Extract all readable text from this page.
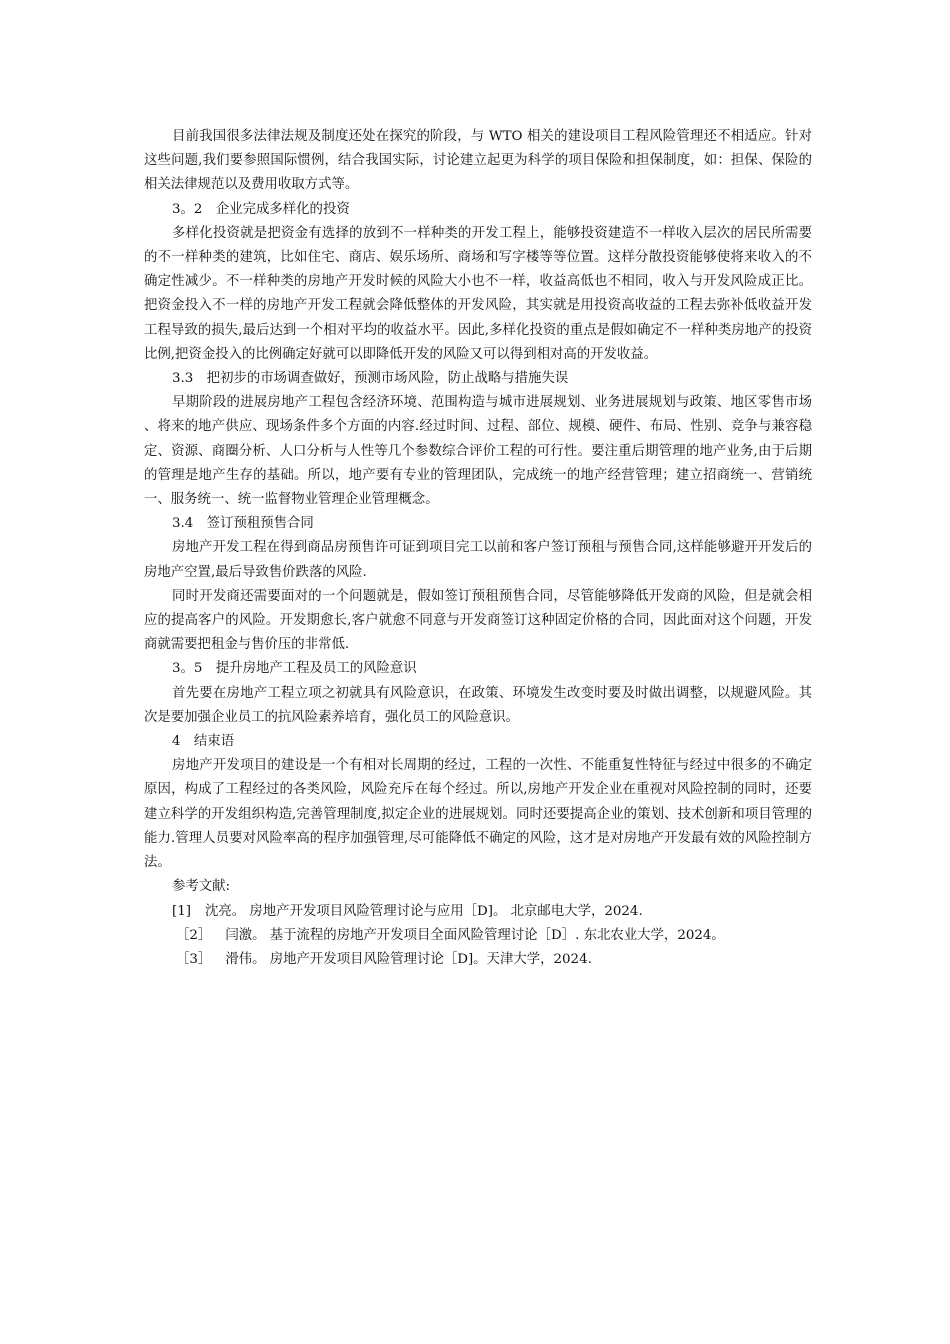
目前我国很多法律法规及制度还处在探究的阶段，与 WTO 相关的建设项目工程风险管理还不相适应。针对这些问题,我们要参照国际惯例，结合我国实际，讨论建立起更为科学的项目保险和担保制度，如：担保、保险的相关法律规范以及费用收取方式等。

3。2　企业完成多样化的投资

多样化投资就是把资金有选择的放到不一样种类的开发工程上，能够投资建造不一样收入层次的居民所需要的不一样种类的建筑，比如住宅、商店、娱乐场所、商场和写字楼等等位置。这样分散投资能够使将来收入的不确定性减少。不一样种类的房地产开发时候的风险大小也不一样，收益高低也不相同，收入与开发风险成正比。把资金投入不一样的房地产开发工程就会降低整体的开发风险，其实就是用投资高收益的工程去弥补低收益开发工程导致的损失,最后达到一个相对平均的收益水平。因此,多样化投资的重点是假如确定不一样种类房地产的投资比例,把资金投入的比例确定好就可以即降低开发的风险又可以得到相对高的开发收益。

3.3　把初步的市场调查做好，预测市场风险，防止战略与措施失误

早期阶段的进展房地产工程包含经济环境、范围构造与城市进展规划、业务进展规划与政策、地区零售市场、将来的地产供应、现场条件多个方面的内容.经过时间、过程、部位、规模、硬件、布局、性别、竞争与兼容稳定、资源、商圈分析、人口分析与人性等几个参数综合评价工程的可行性。要注重后期管理的地产业务,由于后期的管理是地产生存的基础。所以，地产要有专业的管理团队，完成统一的地产经营管理；建立招商统一、营销统一、服务统一、统一监督物业管理企业管理概念。

3.4　签订预租预售合同

房地产开发工程在得到商品房预售许可证到项目完工以前和客户签订预租与预售合同,这样能够避开开发后的房地产空置,最后导致售价跌落的风险.

同时开发商还需要面对的一个问题就是，假如签订预租预售合同，尽管能够降低开发商的风险，但是就会相应的提高客户的风险。开发期愈长,客户就愈不同意与开发商签订这种固定价格的合同，因此面对这个问题，开发商就需要把租金与售价压的非常低.

3。5　提升房地产工程及员工的风险意识

首先要在房地产工程立项之初就具有风险意识，在政策、环境发生改变时要及时做出调整，以规避风险。其次是要加强企业员工的抗风险素养培育，强化员工的风险意识。

4　结束语

房地产开发项目的建设是一个有相对长周期的经过，工程的一次性、不能重复性特征与经过中很多的不确定原因，构成了工程经过的各类风险，风险充斥在每个经过。所以,房地产开发企业在重视对风险控制的同时，还要建立科学的开发组织构造,完善管理制度,拟定企业的进展规划。同时还要提高企业的策划、技术创新和项目管理的能力.管理人员要对风险率高的程序加强管理,尽可能降低不确定的风险，这才是对房地产开发最有效的风险控制方法。

参考文献:

[1] 沈亮。 房地产开发项目风险管理讨论与应用［D]。 北京邮电大学，2024.

［2］ 闫激。 基于流程的房地产开发项目全面风险管理讨论［D］. 东北农业大学，2024。

［3］ 滑伟。 房地产开发项目风险管理讨论［D]。天津大学，2024.
